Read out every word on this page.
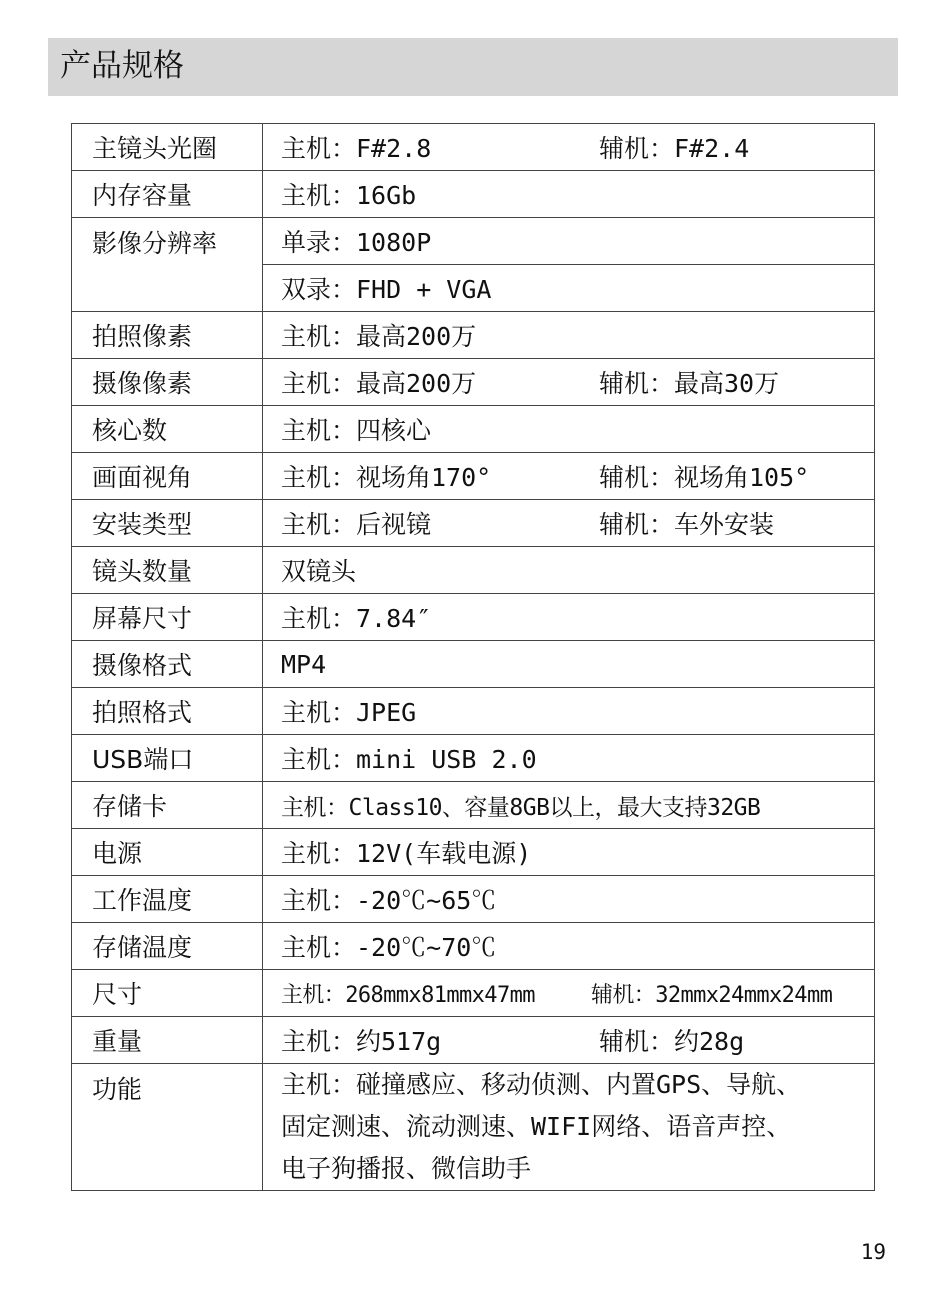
产品规格
主镜头光圈	主机：F#2.8 辅机：F#2.4
内存容量	主机：16Gb
影像分辨率	单录：1080P
	双录：FHD + VGA
拍照像素	主机：最高200万
摄像像素	主机：最高200万 辅机：最高30万
核心数	主机：四核心
画面视角	主机：视场角170° 辅机：视场角105°
安装类型	主机：后视镜 辅机：车外安装
镜头数量	双镜头
屏幕尺寸	主机：7.84″
摄像格式	MP4
拍照格式	主机：JPEG
USB端口	主机：mini USB 2.0
存储卡	主机：Class10、容量8GB以上，最大支持32GB
电源	主机：12V(车载电源)
工作温度	主机：-20℃~65℃
存储温度	主机：-20℃~70℃
尺寸	主机：268mmx81mmx47mm 辅机：32mmx24mmx24mm
重量	主机：约517g 辅机：约28g
功能	主机：碰撞感应、移动侦测、内置GPS、导航、
固定测速、流动测速、WIFI网络、语音声控、
电子狗播报、微信助手
19
